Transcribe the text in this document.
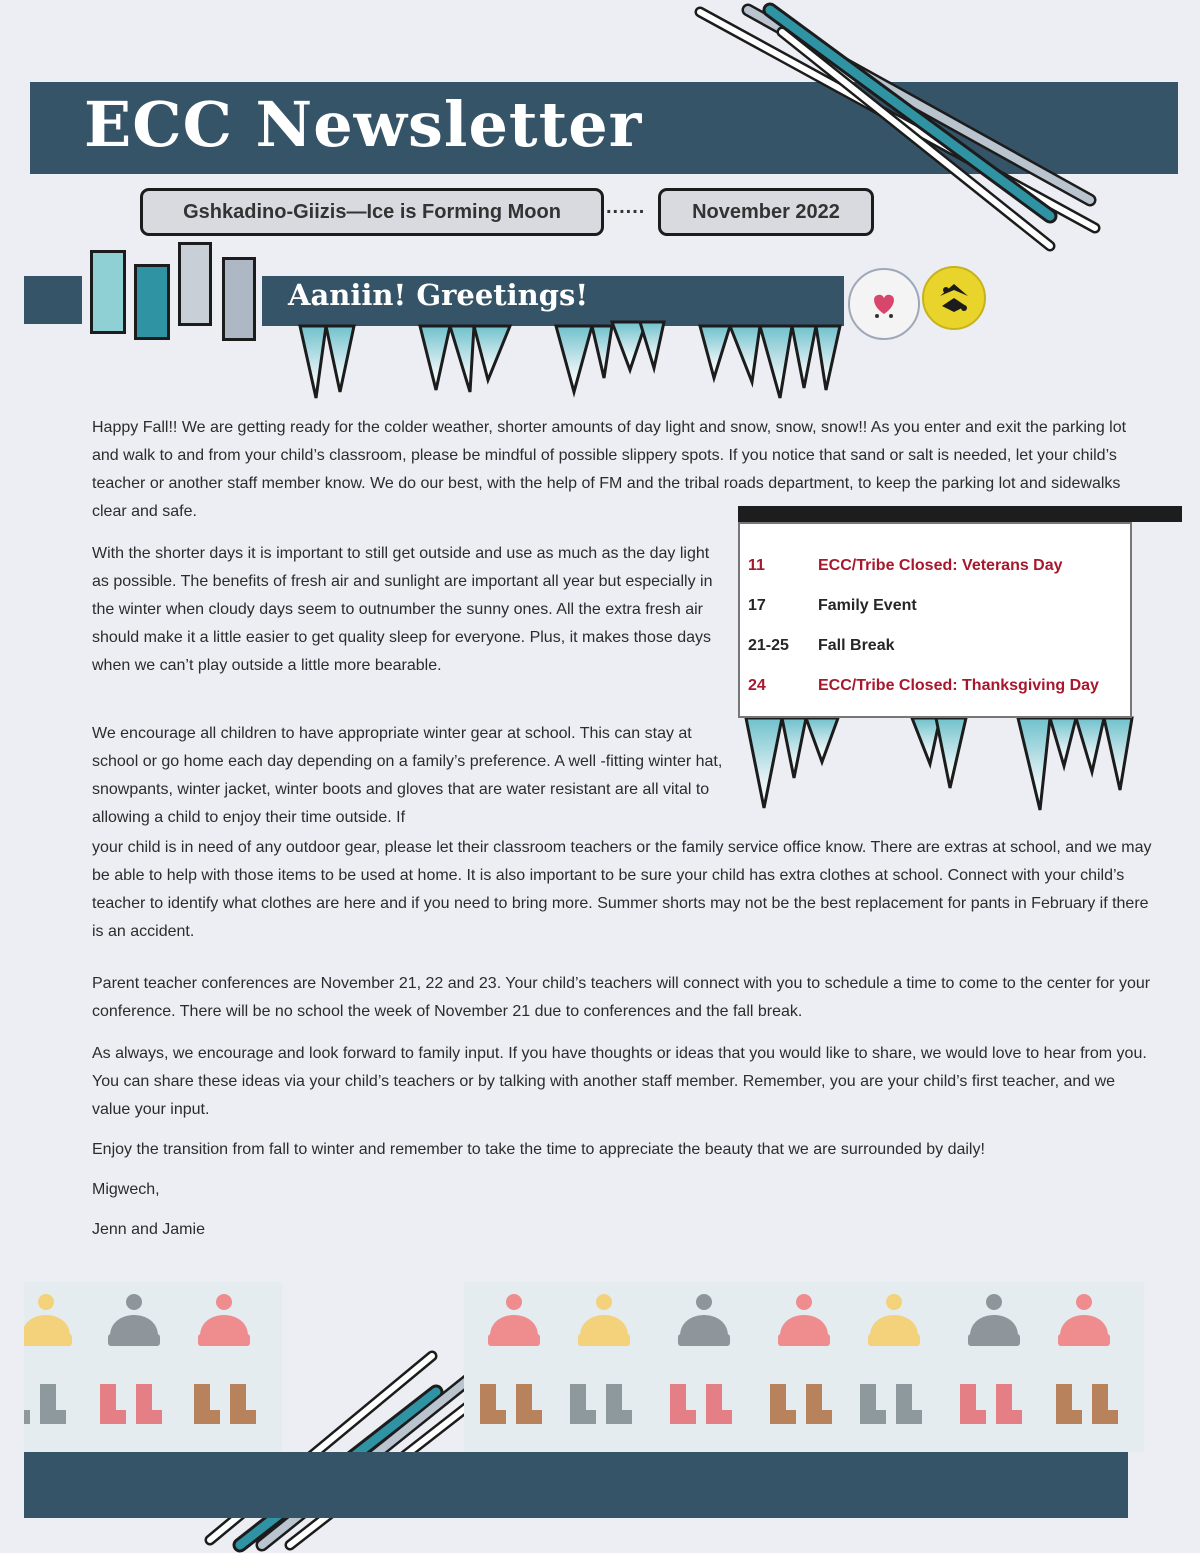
ECC Newsletter
Gshkadino-Giizis—Ice is Forming Moon	......	November 2022
Aaniin! Greetings!

Happy Fall!! We are getting ready for the colder weather, shorter amounts of day light and snow, snow, snow!! As you enter and exit the parking lot and walk to and from your child’s classroom, please be mindful of possible slippery spots. If you notice that sand or salt is needed, let your child’s teacher or another staff member know. We do our best, with the help of FM and the tribal roads department, to keep the parking lot and sidewalks clear and safe.

With the shorter days it is important to still get outside and use as much as the day light as possible. The benefits of fresh air and sunlight are important all year but especially in the winter when cloudy days seem to outnumber the sunny ones. All the extra fresh air should make it a little easier to get quality sleep for everyone. Plus, it makes those days when we can’t play outside a little more bearable.

We encourage all children to have appropriate winter gear at school. This can stay at school or go home each day depending on a family’s preference. A well -fitting winter hat, snowpants, winter jacket, winter boots and gloves that are water resistant are all vital to allowing a child to enjoy their time outside. If

your child is in need of any outdoor gear, please let their classroom teachers or the family service office know. There are extras at school, and we may be able to help with those items to be used at home. It is also important to be sure your child has extra clothes at school. Connect with your child’s teacher to identify what clothes are here and if you need to bring more. Summer shorts may not be the best replacement for pants in February if there is an accident.

Parent teacher conferences are November 21, 22 and 23. Your child’s teachers will connect with you to schedule a time to come to the center for your conference. There will be no school the week of November 21 due to conferences and the fall break.

As always, we encourage and look forward to family input. If you have thoughts or ideas that you would like to share, we would love to hear from you. You can share these ideas via your child’s teachers or by talking with another staff member. Remember, you are your child’s first teacher, and we value your input.

Enjoy the transition from fall to winter and remember to take the time to appreciate the beauty that we are surrounded by daily!

Migwech,

Jenn and Jamie

11	ECC/Tribe Closed: Veterans Day
17	Family Event
21-25 Fall Break
24	ECC/Tribe Closed: Thanksgiving Day
